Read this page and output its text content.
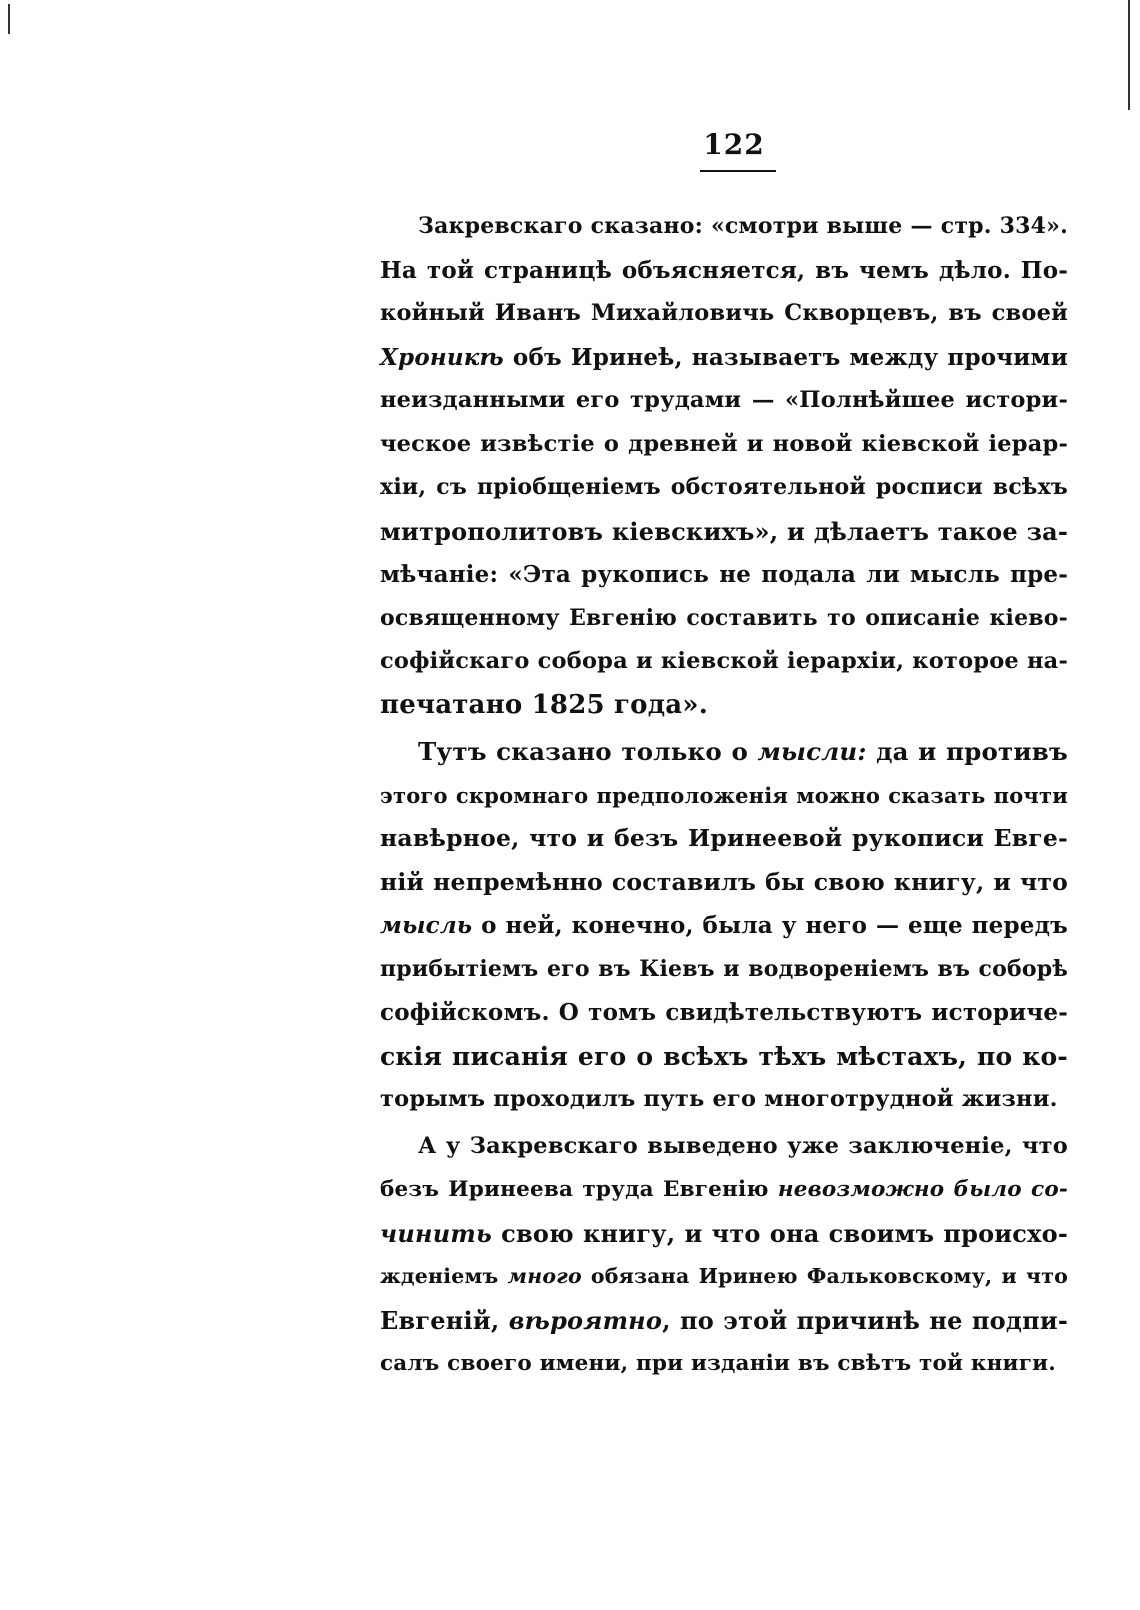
122
Закревскаго сказано: «смотри выше — стр. 334».
На той страницѣ объясняется, въ чемъ дѣло. По-
койный Иванъ Михайловичь Скворцевъ, въ своей
Хроникѣ объ Иринеѣ, называетъ между прочими
неизданными его трудами — «Полнѣйшее истори-
ческое извѣстіе о древней и новой кіевской іерар-
хіи, съ пріобщеніемъ обстоятельной росписи всѣхъ
митрополитовъ кіевскихъ», и дѣлаетъ такое за-
мѣчаніе: «Эта рукопись не подала ли мысль пре-
освященному Евгенію составить то описаніе кіево-
софійскаго собора и кіевской іерархіи, которое на-
печатано 1825 года».
Тутъ сказано только о мысли: да и противъ
этого скромнаго предположенія можно сказать почти
навѣрное, что и безъ Иринеевой рукописи Евге-
ній непремѣнно составилъ бы свою книгу, и что
мысль о ней, конечно, была у него — еще передъ
прибытіемъ его въ Кіевъ и водвореніемъ въ соборѣ
софійскомъ. О томъ свидѣтельствуютъ историче-
скія писанія его о всѣхъ тѣхъ мѣстахъ, по ко-
торымъ проходилъ путь его многотрудной жизни.
А у Закревскаго выведено уже заключеніе, что
безъ Иринеева труда Евгенію невозможно было со-
чинить свою книгу, и что она своимъ происхо-
жденіемъ много обязана Иринею Фальковскому, и что
Евгеній, вѣроятно, по этой причинѣ не подпи-
салъ своего имени, при изданіи въ свѣтъ той книги.
